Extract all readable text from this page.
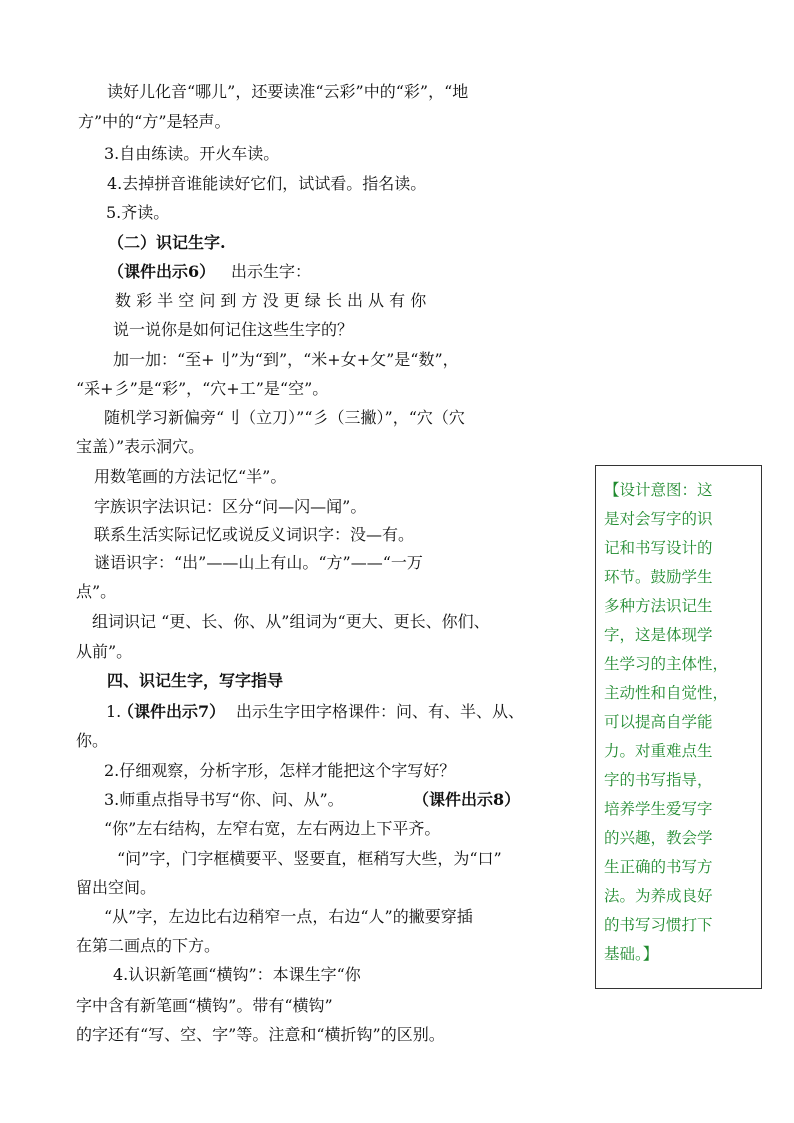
读好儿化音“哪儿”，还要读准“云彩”中的“彩”，“地
方”中的“方”是轻声。
3.自由练读。开火车读。
4.去掉拼音谁能读好它们，试试看。指名读。
5.齐读。
（二）识记生字.
（课件出示6） 出示生字：
数 彩 半 空 问 到 方 没 更 绿 长 出 从 有 你
说一说你是如何记住这些生字的？
加一加：“至+刂”为“到”，“米+女+攵”是“数”，
“采+彡”是“彩”，“穴+工”是“空”。
随机学习新偏旁“刂（立刀）”“彡（三撇）”，“穴（穴
宝盖）”表示洞穴。
用数笔画的方法记忆“半”。
字族识字法识记：区分“问—闪—闻”。
联系生活实际记忆或说反义词识字：没—有。
谜语识字：“出”——山上有山。“方”——“一万
点”。
组词识记 “更、长、你、从”组词为“更大、更长、你们、
从前”。
四、识记生字，写字指导
1.
（课件出示7） 出示生字田字格课件：问、有、半、从、
你。
2.仔细观察，分析字形，怎样才能把这个字写好？
3.师重点指导书写“你、问、从”。	（课件出示8）
“你”左右结构，左窄右宽，左右两边上下平齐。
“问”字，门字框横要平、竖要直，框稍写大些，为“口”
留出空间。
“从”字，左边比右边稍窄一点，右边“人”的撇要穿插
在第二画点的下方。
4.认识新笔画“横钩”：本课生字“你
字中含有新笔画“横钩”。带有“横钩”
的字还有“写、空、字”等。注意和“横折钩”的区别。
【设计意图：这
是对会写字的识
记和书写设计的
环节。鼓励学生
多种方法识记生
字，这是体现学
生学习的主体性，
主动性和自觉性，
可以提高自学能
力。对重难点生
字的书写指导，
培养学生爱写字
的兴趣，教会学
生正确的书写方
法。为养成良好
的书写习惯打下
基础。】
